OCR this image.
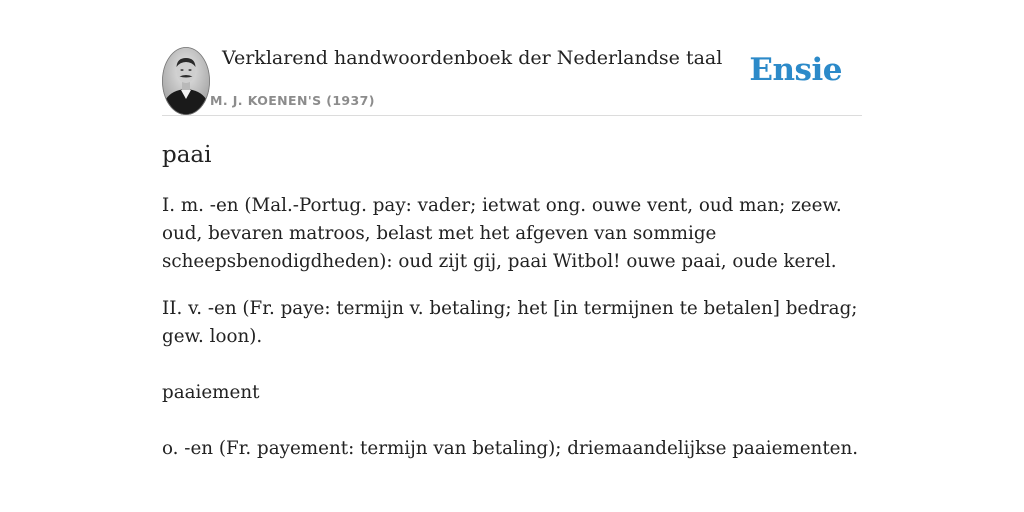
Verklarend handwoordenboek der Nederlandse taal
M. J. KOENEN'S (1937)
Ensie
paai

I. m. -en (Mal.-Portug. pay: vader; ietwat ong. ouwe vent, oud man; zeew. oud, bevaren matroos, belast met het afgeven van sommige scheepsbenodigdheden): oud zijt gij, paai Witbol! ouwe paai, oude kerel.

II. v. -en (Fr. paye: termijn v. betaling; het [in termijnen te betalen] bedrag; gew. loon).

paaiement

o. -en (Fr. payement: termijn van betaling); driemaandelijkse paaiementen.
